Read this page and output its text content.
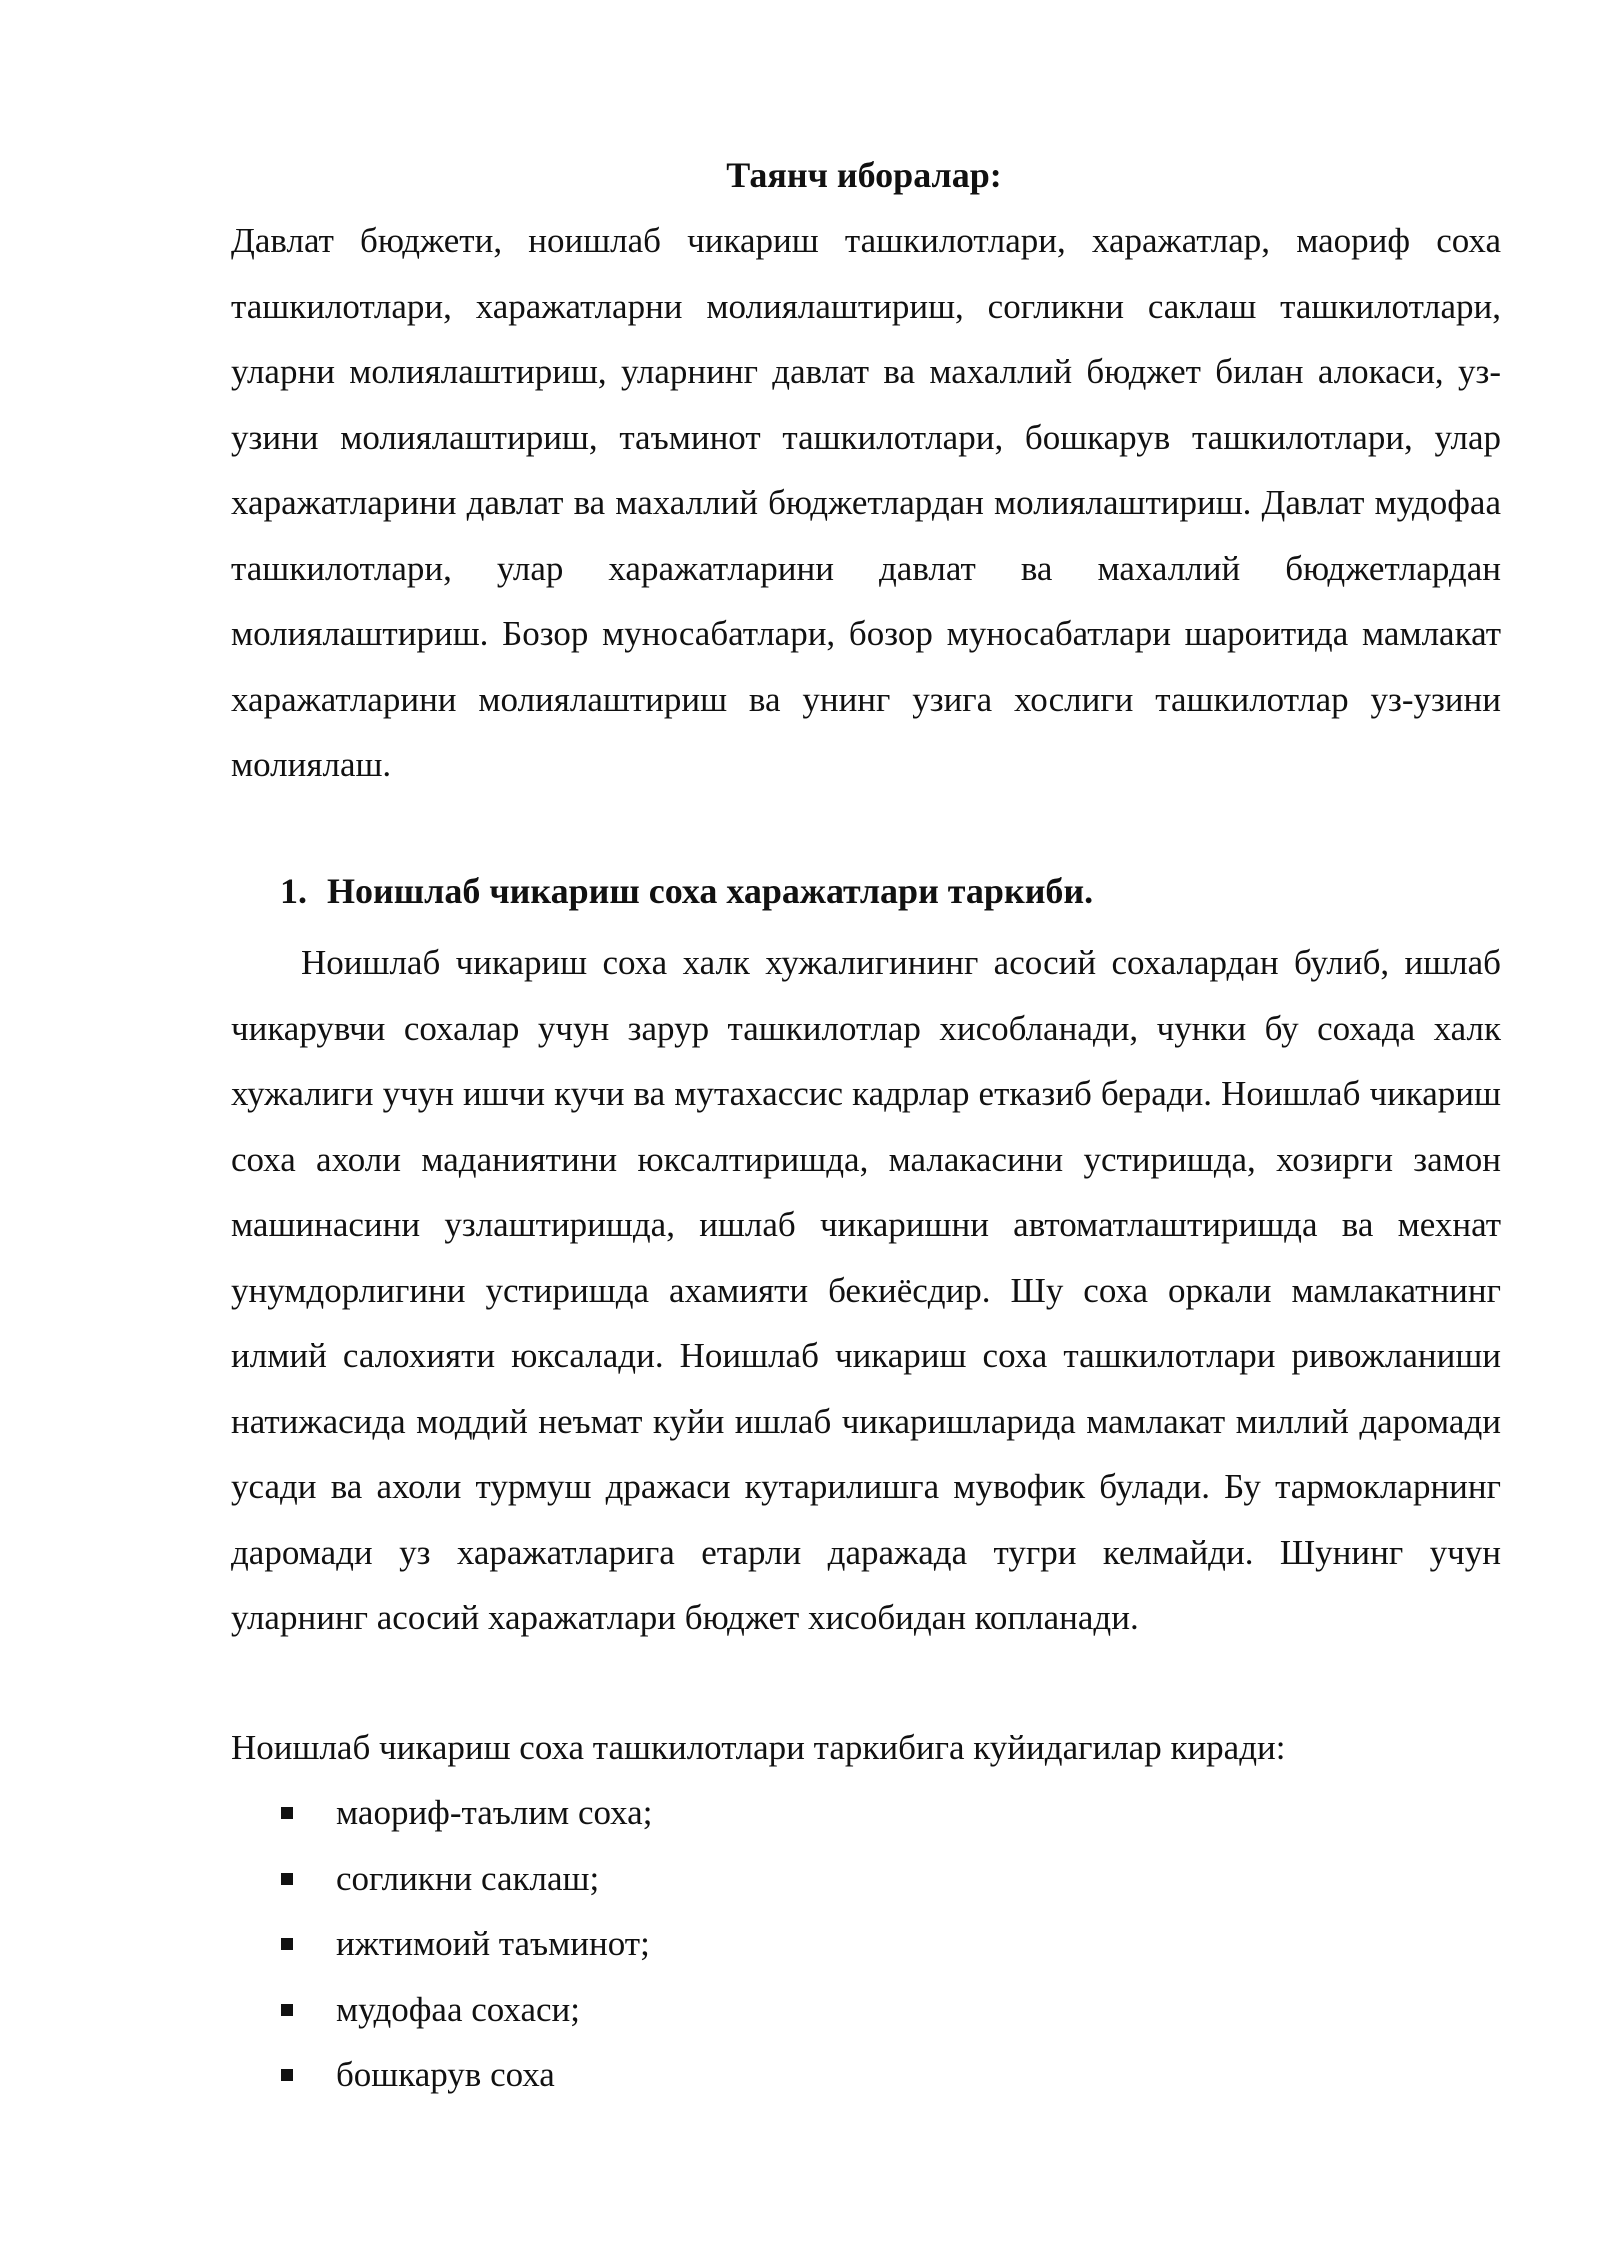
Таянч иборалар:
Давлат бюджети, ноишлаб чикариш ташкилотлари, харажатлар, маориф соха ташкилотлари, харажатларни молиялаштириш, согликни саклаш ташкилотлари, уларни молиялаштириш, уларнинг давлат ва махаллий бюджет билан алокаси, уз-узини молиялаштириш, таъминот ташкилотлари, бошкарув ташкилотлари, улар харажатларини давлат ва махаллий бюджетлардан молиялаштириш. Давлат мудофаа ташкилотлари, улар харажатларини давлат ва махаллий бюджетлардан молиялаштириш. Бозор муносабатлари, бозор муносабатлари шароитида мамлакат харажатларини молиялаштириш ва унинг узига хослиги ташкилотлар уз-узини молиялаш.
1. Ноишлаб чикариш соха харажатлари таркиби.
Ноишлаб чикариш соха халк хужалигининг асосий сохалардан булиб, ишлаб чикарувчи сохалар учун зарур ташкилотлар хисобланади, чунки бу сохада халк хужалиги учун ишчи кучи ва мутахассис кадрлар етказиб беради. Ноишлаб чикариш соха ахоли маданиятини юксалтиришда, малакасини устиришда, хозирги замон машинасини узлаштиришда, ишлаб чикаришни автоматлаштиришда ва мехнат унумдорлигини устиришда ахамияти бекиёсдир. Шу соха оркали мамлакатнинг илмий салохияти юксалади. Ноишлаб чикариш соха ташкилотлари ривожланиши натижасида моддий неъмат куйи ишлаб чикаришларида мамлакат миллий даромади усади ва ахоли турмуш дражаси кутарилишга мувофик булади. Бу тармокларнинг даромади уз харажатларига етарли даражада тугри келмайди. Шунинг учун уларнинг асосий харажатлари бюджет хисобидан копланади.
Ноишлаб чикариш соха ташкилотлари таркибига куйидагилар киради:
маориф-таълим соха;
согликни саклаш;
ижтимоий таъминот;
мудофаа сохаси;
бошкарув соха
